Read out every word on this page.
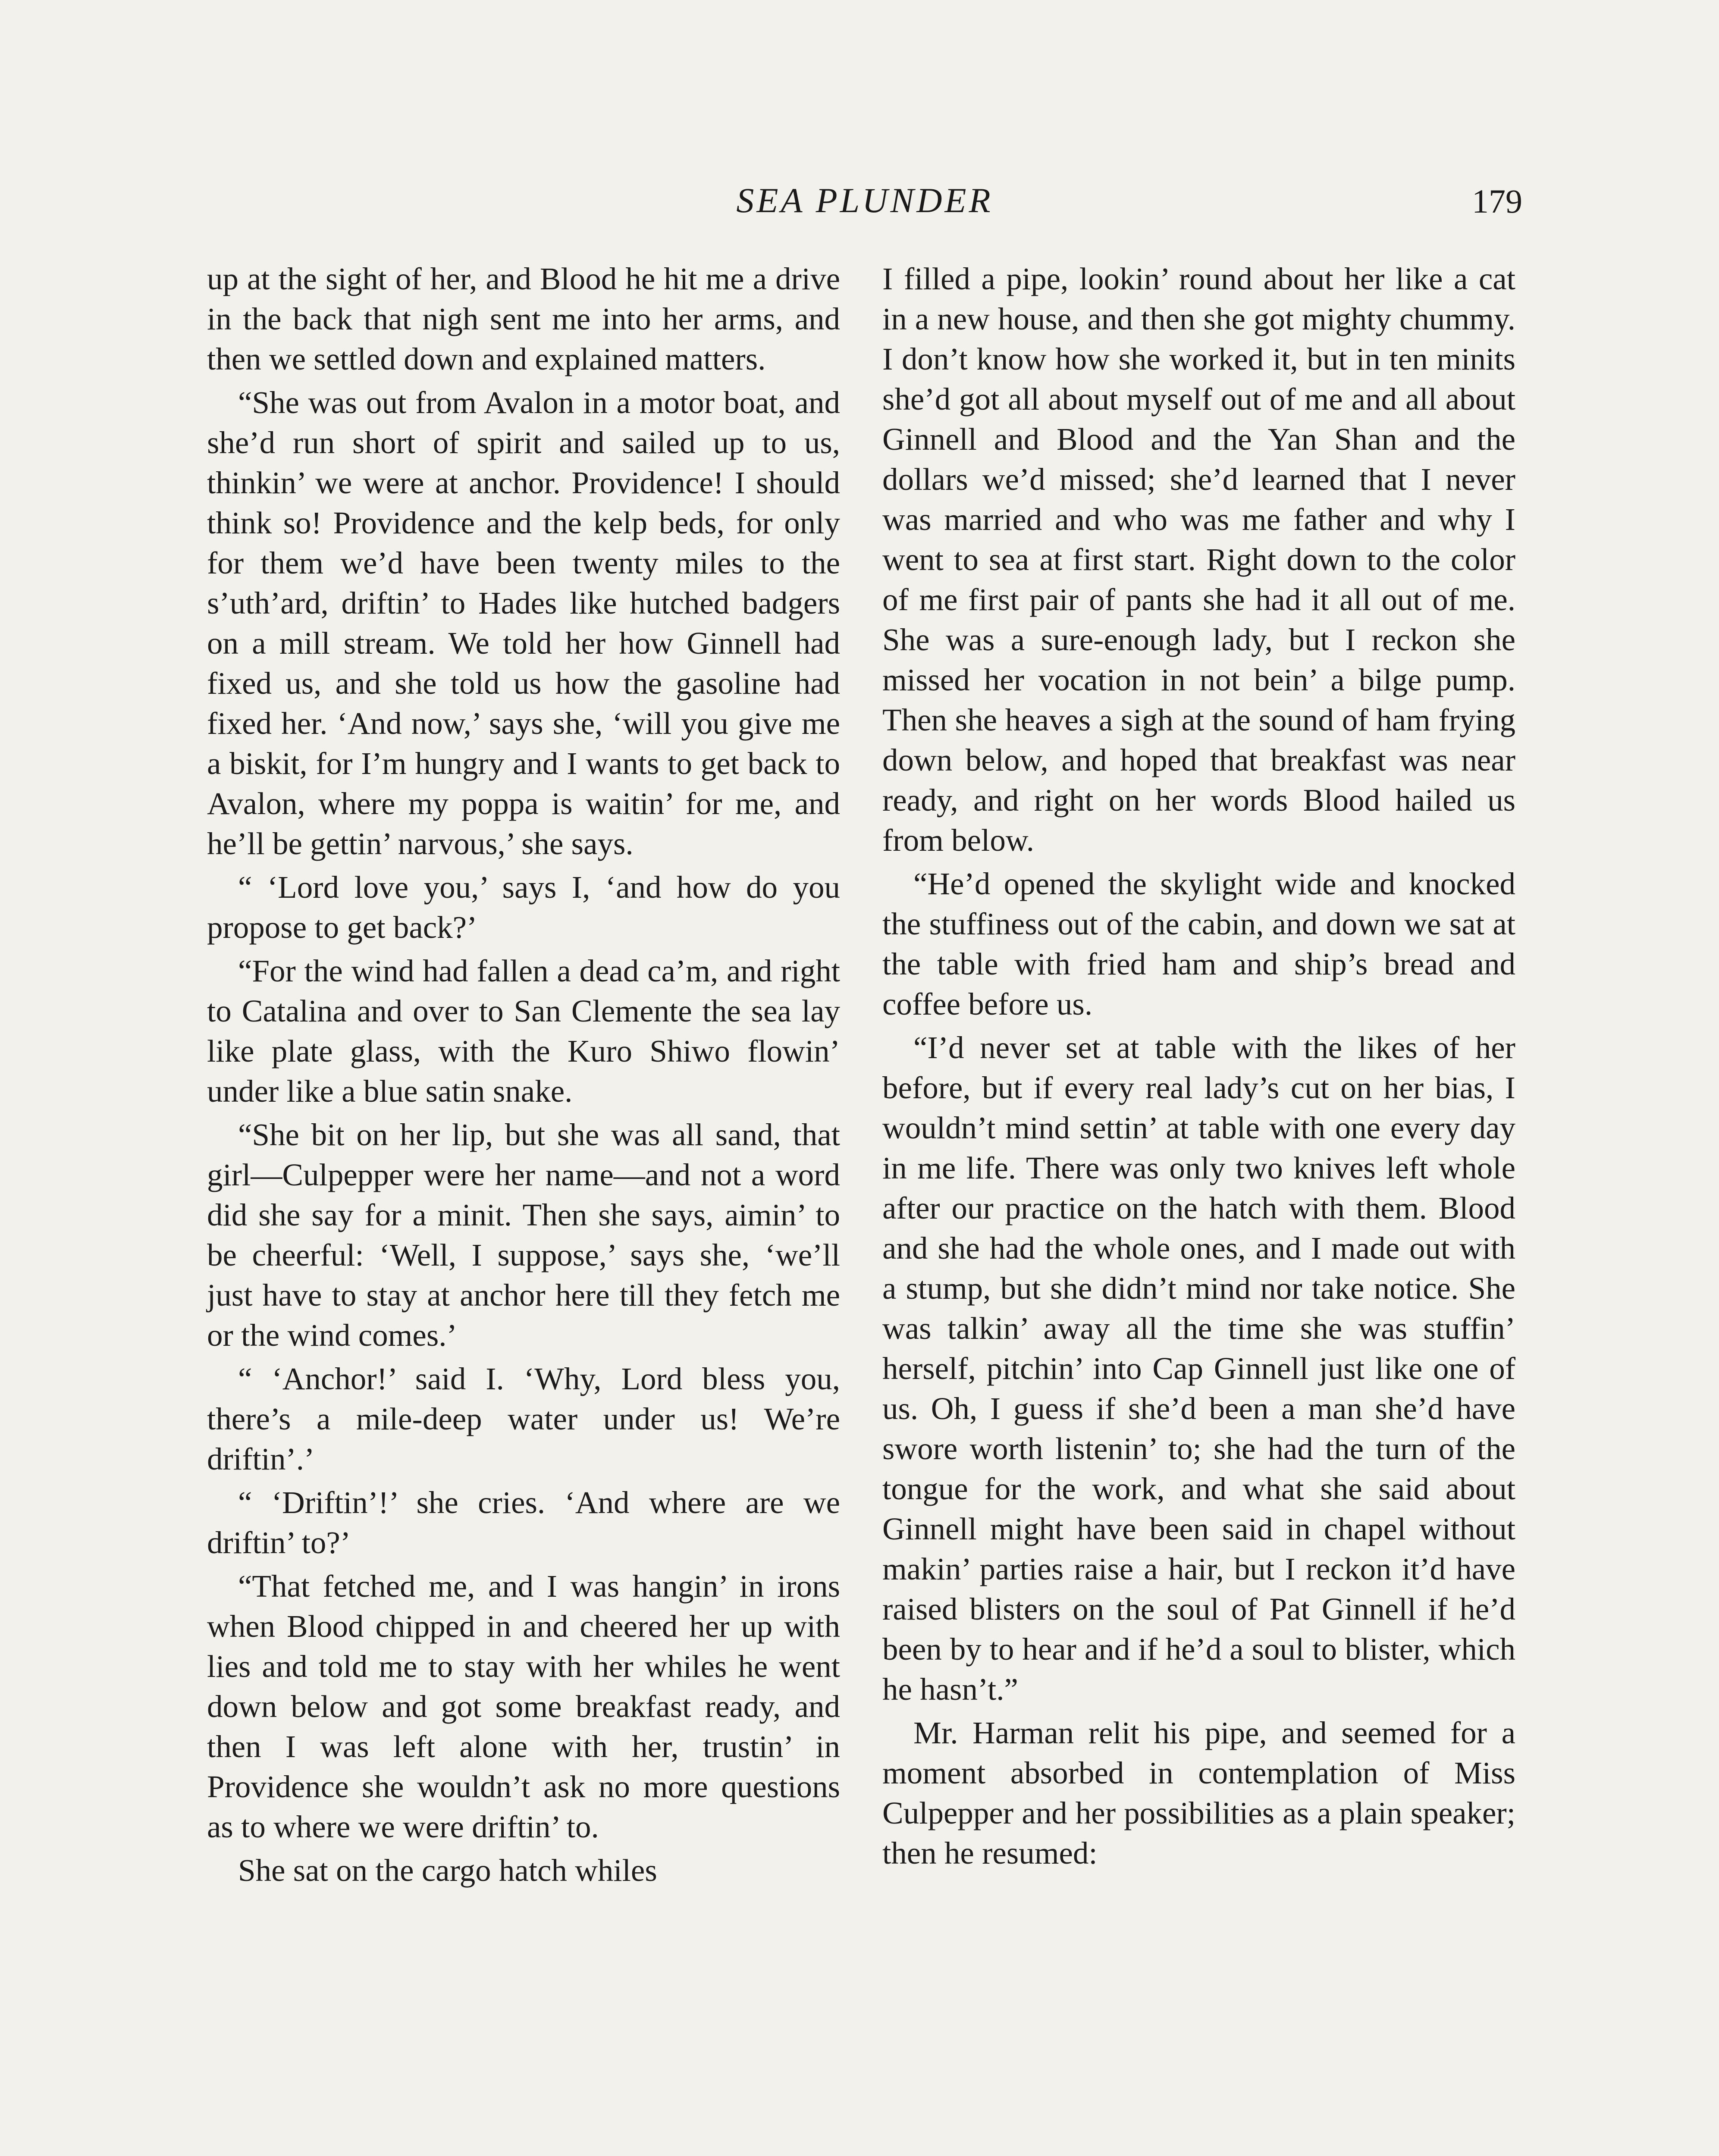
SEA PLUNDER	179

up at the sight of her, and Blood he hit me a drive in the back that nigh sent me into her arms, and then we settled down and explained matters.

“She was out from Avalon in a motor boat, and she’d run short of spirit and sailed up to us, thinkin’ we were at anchor. Providence! I should think so! Providence and the kelp beds, for only for them we’d have been twenty miles to the s’uth’ard, driftin’ to Hades like hutched badgers on a mill stream. We told her how Ginnell had fixed us, and she told us how the gasoline had fixed her. ‘And now,’ says she, ‘will you give me a biskit, for I’m hungry and I wants to get back to Avalon, where my poppa is waitin’ for me, and he’ll be gettin’ narvous,’ she says.

“ ‘Lord love you,’ says I, ‘and how do you propose to get back?’

“For the wind had fallen a dead ca’m, and right to Catalina and over to San Clemente the sea lay like plate glass, with the Kuro Shiwo flowin’ under like a blue satin snake.

“She bit on her lip, but she was all sand, that girl—Culpepper were her name—and not a word did she say for a minit. Then she says, aimin’ to be cheerful: ‘Well, I suppose,’ says she, ‘we’ll just have to stay at anchor here till they fetch me or the wind comes.’

“ ‘Anchor!’ said I. ‘Why, Lord bless you, there’s a mile-deep water under us! We’re driftin’.’

“ ‘Driftin’!’ she cries. ‘And where are we driftin’ to?’

“That fetched me, and I was hangin’ in irons when Blood chipped in and cheered her up with lies and told me to stay with her whiles he went down below and got some breakfast ready, and then I was left alone with her, trustin’ in Providence she wouldn’t ask no more questions as to where we were driftin’ to.

She sat on the cargo hatch whiles

I filled a pipe, lookin’ round about her like a cat in a new house, and then she got mighty chummy. I don’t know how she worked it, but in ten minits she’d got all about myself out of me and all about Ginnell and Blood and the Yan Shan and the dollars we’d missed; she’d learned that I never was married and who was me father and why I went to sea at first start. Right down to the color of me first pair of pants she had it all out of me. She was a sure-enough lady, but I reckon she missed her vocation in not bein’ a bilge pump. Then she heaves a sigh at the sound of ham frying down below, and hoped that breakfast was near ready, and right on her words Blood hailed us from below.

“He’d opened the skylight wide and knocked the stuffiness out of the cabin, and down we sat at the table with fried ham and ship’s bread and coffee before us.

“I’d never set at table with the likes of her before, but if every real lady’s cut on her bias, I wouldn’t mind settin’ at table with one every day in me life. There was only two knives left whole after our practice on the hatch with them. Blood and she had the whole ones, and I made out with a stump, but she didn’t mind nor take notice. She was talkin’ away all the time she was stuffin’ herself, pitchin’ into Cap Ginnell just like one of us. Oh, I guess if she’d been a man she’d have swore worth listenin’ to; she had the turn of the tongue for the work, and what she said about Ginnell might have been said in chapel without makin’ parties raise a hair, but I reckon it’d have raised blisters on the soul of Pat Ginnell if he’d been by to hear and if he’d a soul to blister, which he hasn’t.”

Mr. Harman relit his pipe, and seemed for a moment absorbed in contemplation of Miss Culpepper and her possibilities as a plain speaker; then he resumed:
